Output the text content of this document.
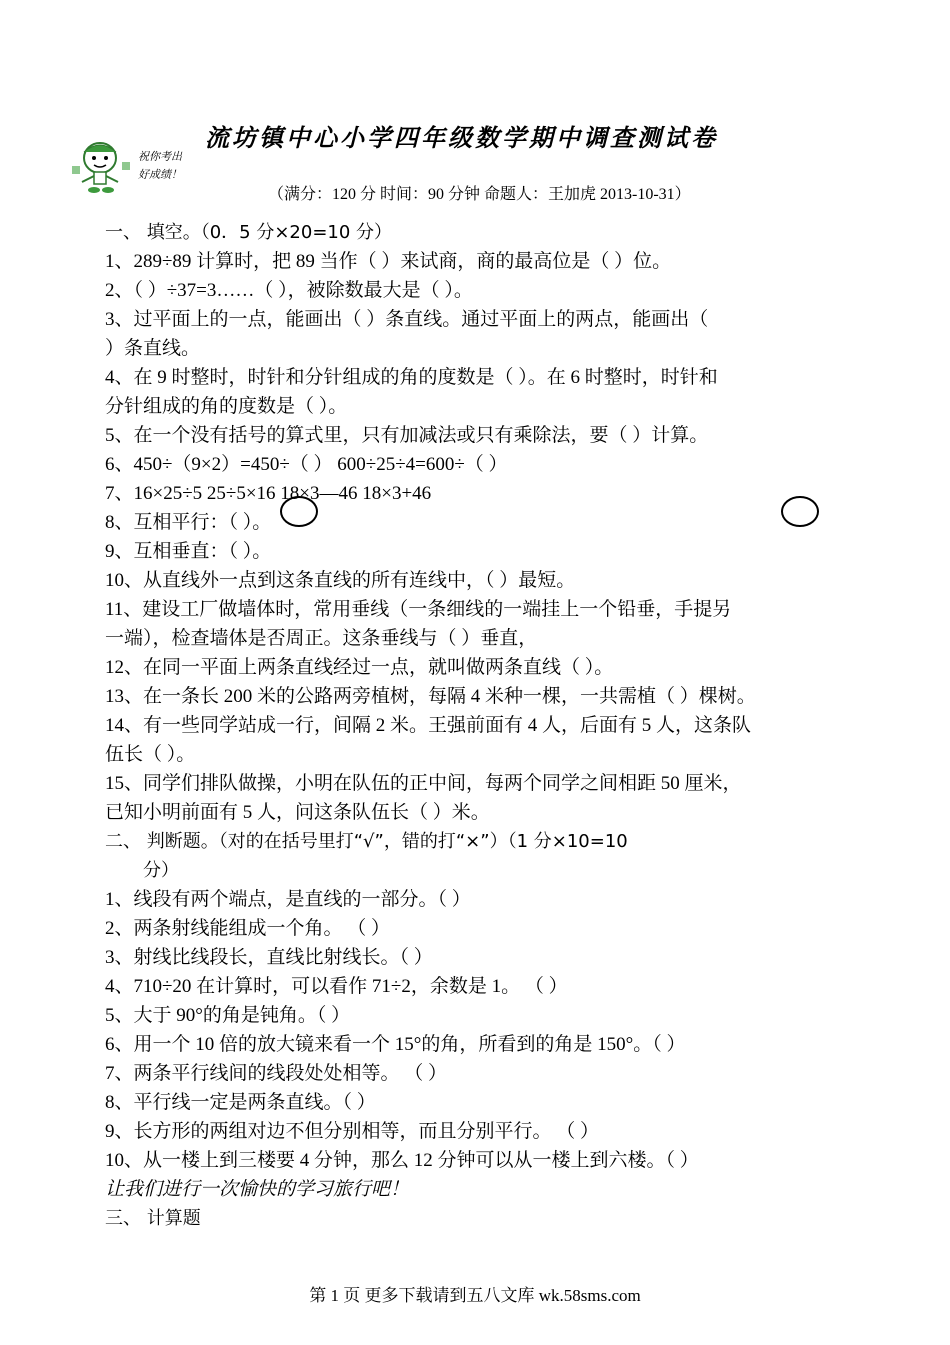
流坊镇中心小学四年级数学期中调查测试卷
祝你考出
好成绩！
（满分：120 分 时间：90 分钟 命题人：王加虎 2013-10-31）
一、 填空。（0．5 分×20=10 分）
1、289÷89 计算时，把 89 当作（ ）来试商，商的最高位是（ ）位。
2、（ ）÷37=3……（ ），被除数最大是（ ）。
3、过平面上的一点，能画出（ ）条直线。通过平面上的两点，能画出（
）条直线。
4、在 9 时整时，时针和分针组成的角的度数是（ ）。在 6 时整时，时针和
分针组成的角的度数是（ ）。
5、在一个没有括号的算式里，只有加减法或只有乘除法，要（ ）计算。
6、450÷（9×2）=450÷（ ） 600÷25÷4=600÷（ ）
7、16×25÷5 25÷5×16 18×3—46 18×3+46
8、互相平行：（ ）。
9、互相垂直：（ ）。
10、从直线外一点到这条直线的所有连线中，（ ）最短。
11、建设工厂做墙体时，常用垂线（一条细线的一端挂上一个铅垂，手提另
一端），检查墙体是否周正。这条垂线与（ ）垂直，
12、在同一平面上两条直线经过一点，就叫做两条直线（ ）。
13、在一条长 200 米的公路两旁植树，每隔 4 米种一棵，一共需植（ ）棵树。
14、有一些同学站成一行，间隔 2 米。王强前面有 4 人，后面有 5 人，这条队
伍长（ ）。
15、同学们排队做操，小明在队伍的正中间，每两个同学之间相距 50 厘米，
已知小明前面有 5 人，问这条队伍长（ ）米。
二、 判断题。（对的在括号里打“√”，错的打“×”）（1 分×10=10
分）
1、线段有两个端点，是直线的一部分。（ ）
2、两条射线能组成一个角。 （ ）
3、射线比线段长，直线比射线长。（ ）
4、710÷20 在计算时，可以看作 71÷2，余数是 1。 （ ）
5、大于 90°的角是钝角。（ ）
6、用一个 10 倍的放大镜来看一个 15°的角，所看到的角是 150°。（ ）
7、两条平行线间的线段处处相等。 （ ）
8、平行线一定是两条直线。（ ）
9、长方形的两组对边不但分别相等，而且分别平行。 （ ）
10、从一楼上到三楼要 4 分钟，那么 12 分钟可以从一楼上到六楼。（ ）
让我们进行一次愉快的学习旅行吧！
三、 计算题
第 1 页 更多下载请到五八文库 wk.58sms.com
